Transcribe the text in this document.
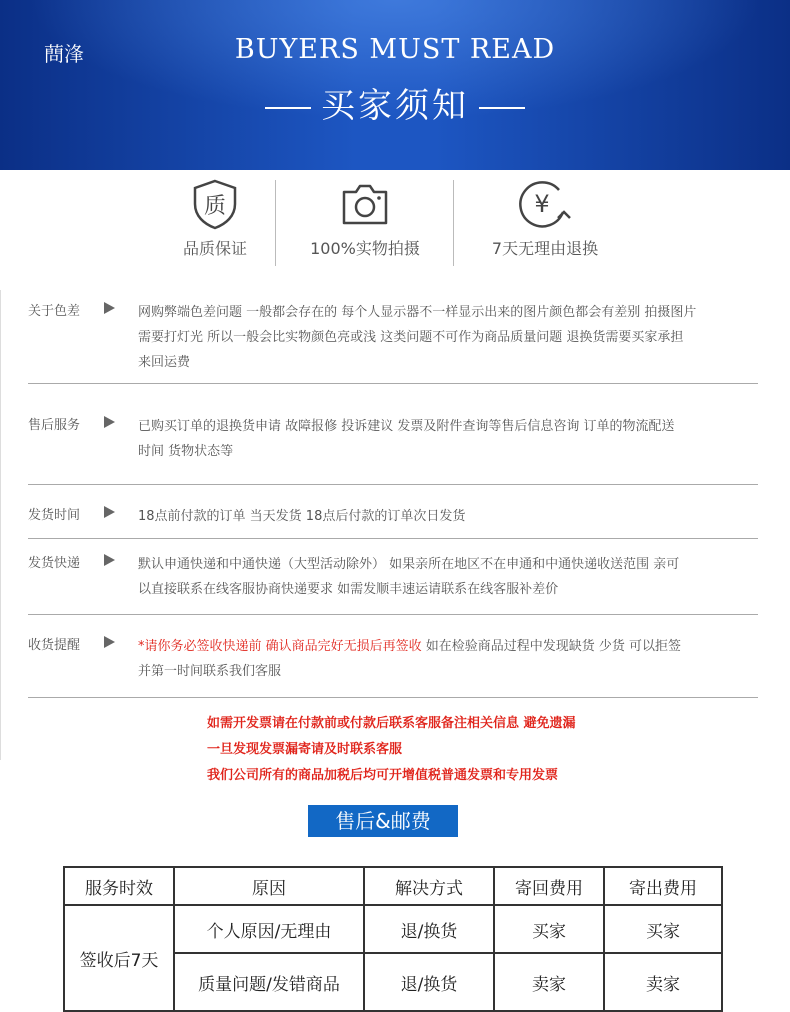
蔄浲	BUYERS MUST READ
买家须知
质
品质保证	100%实物拍摄
¥
7天无理由退换
关于色差	网购弊端色差问题 一般都会存在的 每个人显示器不一样显示出来的图片颜色都会有差别 拍摄图片
需要打灯光 所以一般会比实物颜色亮或浅 这类问题不可作为商品质量问题 退换货需要买家承担
来回运费
售后服务	已购买订单的退换货申请 故障报修 投诉建议 发票及附件查询等售后信息咨询 订单的物流配送
时间 货物状态等
发货时间	18点前付款的订单 当天发货 18点后付款的订单次日发货
发货快递	默认申通快递和中通快递（大型活动除外） 如果亲所在地区不在申通和中通快递收送范围 亲可
以直接联系在线客服协商快递要求 如需发顺丰速运请联系在线客服补差价
收货提醒	*请你务必签收快递前 确认商品完好无损后再签收 如在检验商品过程中发现缺货 少货 可以拒签
并第一时间联系我们客服
如需开发票请在付款前或付款后联系客服备注相关信息 避免遗漏
一旦发现发票漏寄请及时联系客服
我们公司所有的商品加税后均可开增值税普通发票和专用发票
售后&邮费
服务时效	原因	解决方式	寄回费用	寄出费用
签收后7天	个人原因/无理由	退/换货	买家	买家
	质量问题/发错商品	退/换货	卖家	卖家
